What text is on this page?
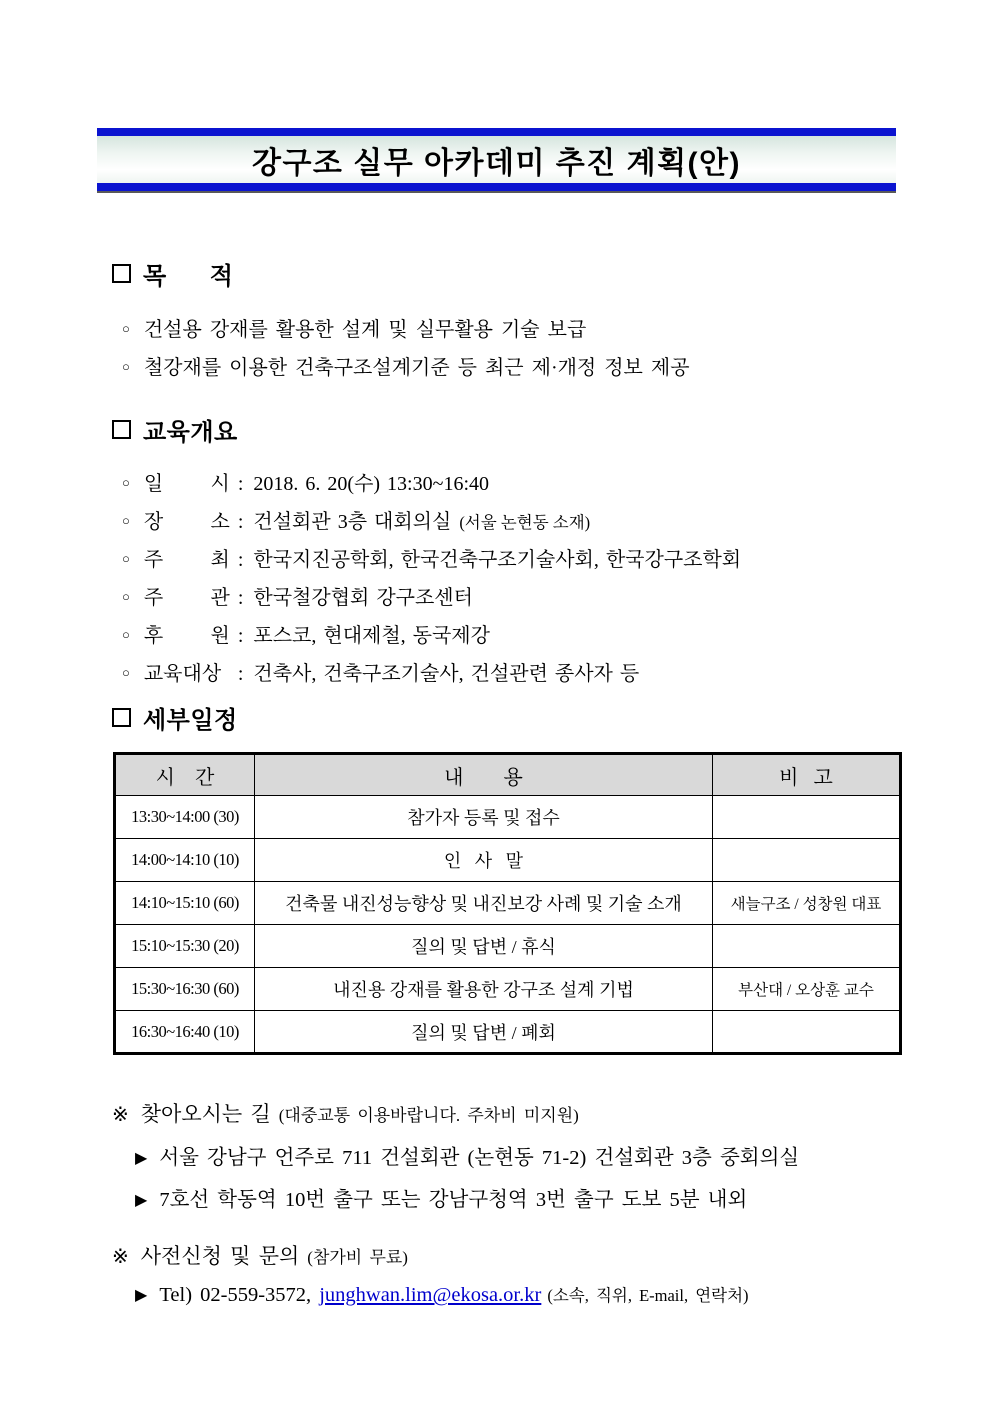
강구조 실무 아카데미 추진 계획(안)
목      적
○ 건설용 강재를 활용한 설계 및 실무활용 기술 보급
○ 철강재를 이용한 건축구조설계기준 등 최근 제·개정 정보 제공
교육개요
○ 일 시 : 2018. 6. 20(수) 13:30~16:40
○ 장 소 : 건설회관 3층 대회의실 (서울 논현동 소재)
○ 주 최 : 한국지진공학회, 한국건축구조기술사회, 한국강구조학회
○ 주 관 : 한국철강협회 강구조센터
○ 후 원 : 포스코, 현대제철, 동국제강
○ 교육대상 : 건축사, 건축구조기술사, 건설관련 종사자 등
세부일정
시    간	내        용	비   고
13:30~14:00 (30)	참가자 등록 및 접수	
14:00~14:10 (10)	인   사   말	
14:10~15:10 (60)	건축물 내진성능향상 및 내진보강 사례 및 기술 소개	새늘구조 / 성창원 대표
15:10~15:30 (20)	질의 및 답변 / 휴식	
15:30~16:30 (60)	내진용 강재를 활용한 강구조 설계 기법	부산대 / 오상훈 교수
16:30~16:40 (10)	질의 및 답변 / 폐회	
※ 찾아오시는 길 (대중교통 이용바랍니다. 주차비 미지원)
▶ 서울 강남구 언주로 711 건설회관 (논현동 71-2) 건설회관 3층 중회의실
▶ 7호선 학동역 10번 출구 또는 강남구청역 3번 출구 도보 5분 내외
※ 사전신청 및 문의 (참가비 무료)
▶ Tel) 02-559-3572, junghwan.lim@ekosa.or.kr (소속, 직위, E-mail, 연락처)
